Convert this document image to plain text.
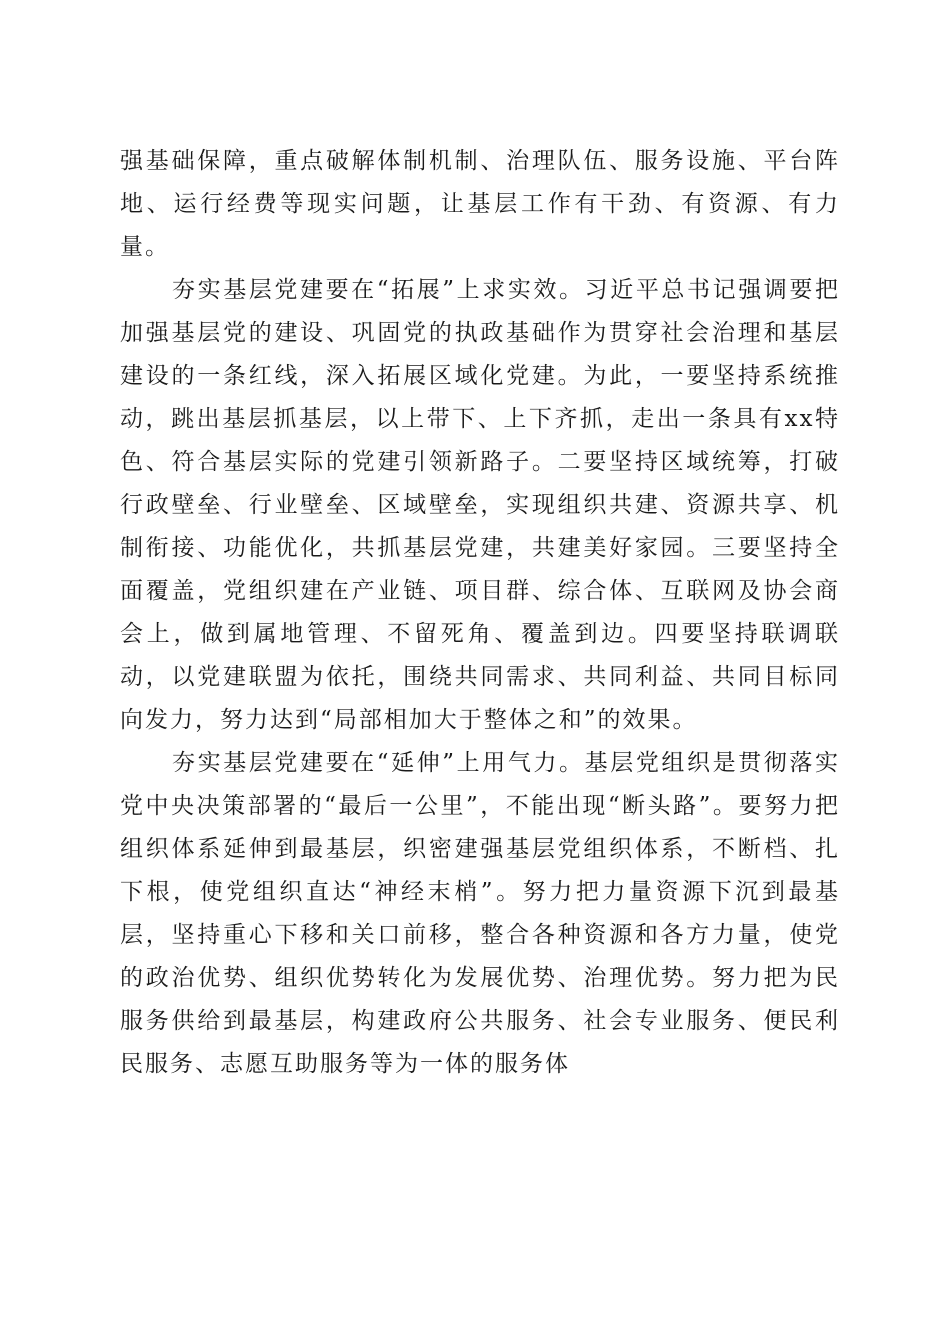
强基础保障，重点破解体制机制、治理队伍、服务设施、平台阵地、运行经费等现实问题，让基层工作有干劲、有资源、有力量。

夯实基层党建要在“拓展”上求实效。习近平总书记强调要把加强基层党的建设、巩固党的执政基础作为贯穿社会治理和基层建设的一条红线，深入拓展区域化党建。为此，一要坚持系统推动，跳出基层抓基层，以上带下、上下齐抓，走出一条具有xx特色、符合基层实际的党建引领新路子。二要坚持区域统筹，打破行政壁垒、行业壁垒、区域壁垒，实现组织共建、资源共享、机制衔接、功能优化，共抓基层党建，共建美好家园。三要坚持全面覆盖，党组织建在产业链、项目群、综合体、互联网及协会商会上，做到属地管理、不留死角、覆盖到边。四要坚持联调联动，以党建联盟为依托，围绕共同需求、共同利益、共同目标同向发力，努力达到“局部相加大于整体之和”的效果。

夯实基层党建要在“延伸”上用气力。基层党组织是贯彻落实党中央决策部署的“最后一公里”，不能出现“断头路”。要努力把组织体系延伸到最基层，织密建强基层党组织体系，不断档、扎下根，使党组织直达“神经末梢”。努力把力量资源下沉到最基层，坚持重心下移和关口前移，整合各种资源和各方力量，使党的政治优势、组织优势转化为发展优势、治理优势。努力把为民服务供给到最基层，构建政府公共服务、社会专业服务、便民利民服务、志愿互助服务等为一体的服务体
